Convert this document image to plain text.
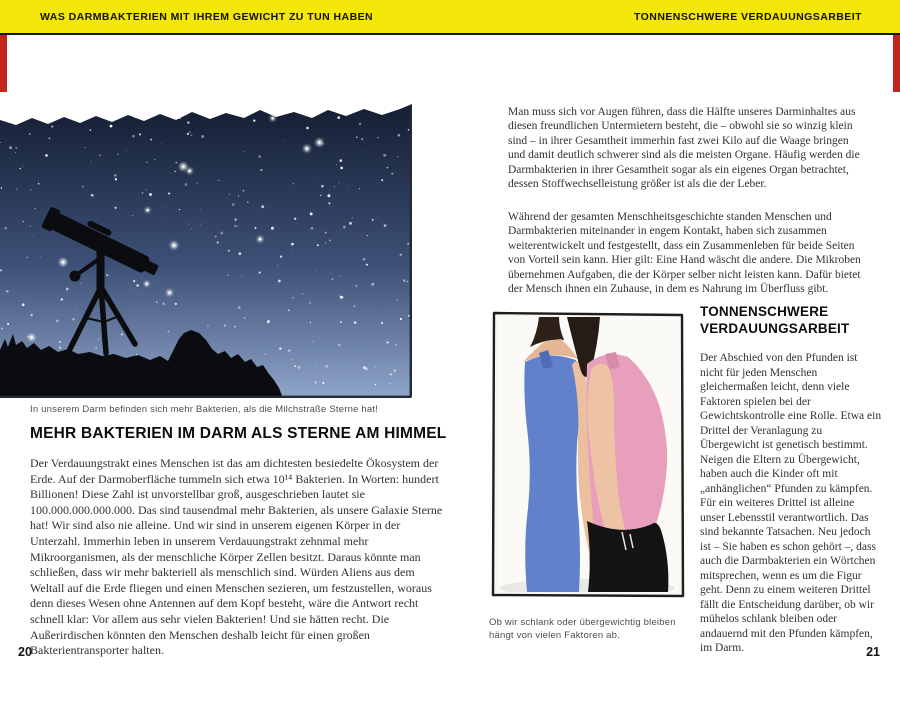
WAS DARMBAKTERIEN MIT IHREM GEWICHT ZU TUN HABEN	TONNENSCHWERE VERDAUUNGSARBEIT
In unserem Darm befinden sich mehr Bakterien, als die Milchstraße Sterne hat!
MEHR BAKTERIEN IM DARM ALS STERNE AM HIMMEL

Der Verdauungstrakt eines Menschen ist das am dichtesten besiedelte Ökosystem der Erde. Auf der Darmoberfläche tummeln sich etwa 10¹⁴ Bakterien. In Worten: hundert Billionen! Diese Zahl ist unvorstellbar groß, ausgeschrieben lautet sie 100.000.000.000.000. Das sind tausendmal mehr Bakterien, als unsere Galaxie Sterne hat! Wir sind also nie alleine. Und wir sind in unserem eigenen Körper in der Unterzahl. Immerhin leben in unserem Verdauungstrakt zehnmal mehr Mikroorganismen, als der menschliche Körper Zellen besitzt. Daraus könnte man schließen, dass wir mehr bakteriell als menschlich sind. Würden Aliens aus dem Weltall auf die Erde fliegen und einen Menschen sezieren, um festzustellen, woraus denn dieses Wesen ohne Antennen auf dem Kopf besteht, wäre die Antwort recht schnell klar: Vor allem aus sehr vielen Bakterien! Und sie hätten recht. Die Außerirdischen könnten den Menschen deshalb leicht für einen großen Bakterientransporter halten.

20

Man muss sich vor Augen führen, dass die Hälfte unseres Darminhaltes aus diesen freundlichen Untermietern besteht, die – obwohl sie so winzig klein sind – in ihrer Gesamtheit immerhin fast zwei Kilo auf die Waage bringen und damit deutlich schwerer sind als die meisten Organe. Häufig werden die Darmbakterien in ihrer Gesamtheit sogar als ein eigenes Organ betrachtet, dessen Stoffwechselleistung größer ist als die der Leber.

Während der gesamten Menschheitsgeschichte standen Menschen und Darmbakterien miteinander in engem Kontakt, haben sich zusammen weiterentwickelt und festgestellt, dass ein Zusammenleben für beide Seiten von Vorteil sein kann. Hier gilt: Eine Hand wäscht die andere. Die Mikroben übernehmen Aufgaben, die der Körper selber nicht leisten kann. Dafür bietet der Mensch ihnen ein Zuhause, in dem es Nahrung im Überfluss gibt.

Ob wir schlank oder übergewichtig bleiben hängt von vielen Faktoren ab.
TONNENSCHWERE VERDAUUNGSARBEIT

Der Abschied von den Pfunden ist nicht für jeden Menschen gleichermaßen leicht, denn viele Faktoren spielen bei der Gewichtskontrolle eine Rolle. Etwa ein Drittel der Veranlagung zu Übergewicht ist genetisch bestimmt. Neigen die Eltern zu Übergewicht, haben auch die Kinder oft mit „anhänglichen“ Pfunden zu kämpfen. Für ein weiteres Drittel ist alleine unser Lebensstil verantwortlich. Das sind bekannte Tatsachen. Neu jedoch ist – Sie haben es schon gehört –, dass auch die Darmbakterien ein Wörtchen mitsprechen, wenn es um die Figur geht. Denn zu einem weiteren Drittel fällt die Entscheidung darüber, ob wir mühelos schlank bleiben oder andauernd mit den Pfunden kämpfen, im Darm.	21
